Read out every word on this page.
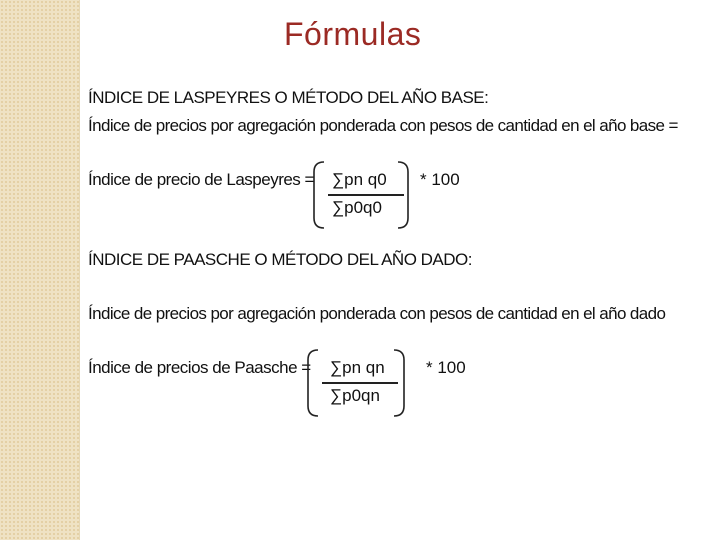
Fórmulas
ÍNDICE DE LASPEYRES O MÉTODO DEL AÑO BASE:
Índice de precios por agregación ponderada con pesos de cantidad en el año base =
Índice de precio de Laspeyres = ∑pn q0
∑p0q0
* 100
ÍNDICE DE PAASCHE O MÉTODO DEL AÑO DADO:
Índice de precios por agregación ponderada con pesos de cantidad en el año dado
Índice de precios de Paasche = ∑pn qn
∑p0qn
* 100
